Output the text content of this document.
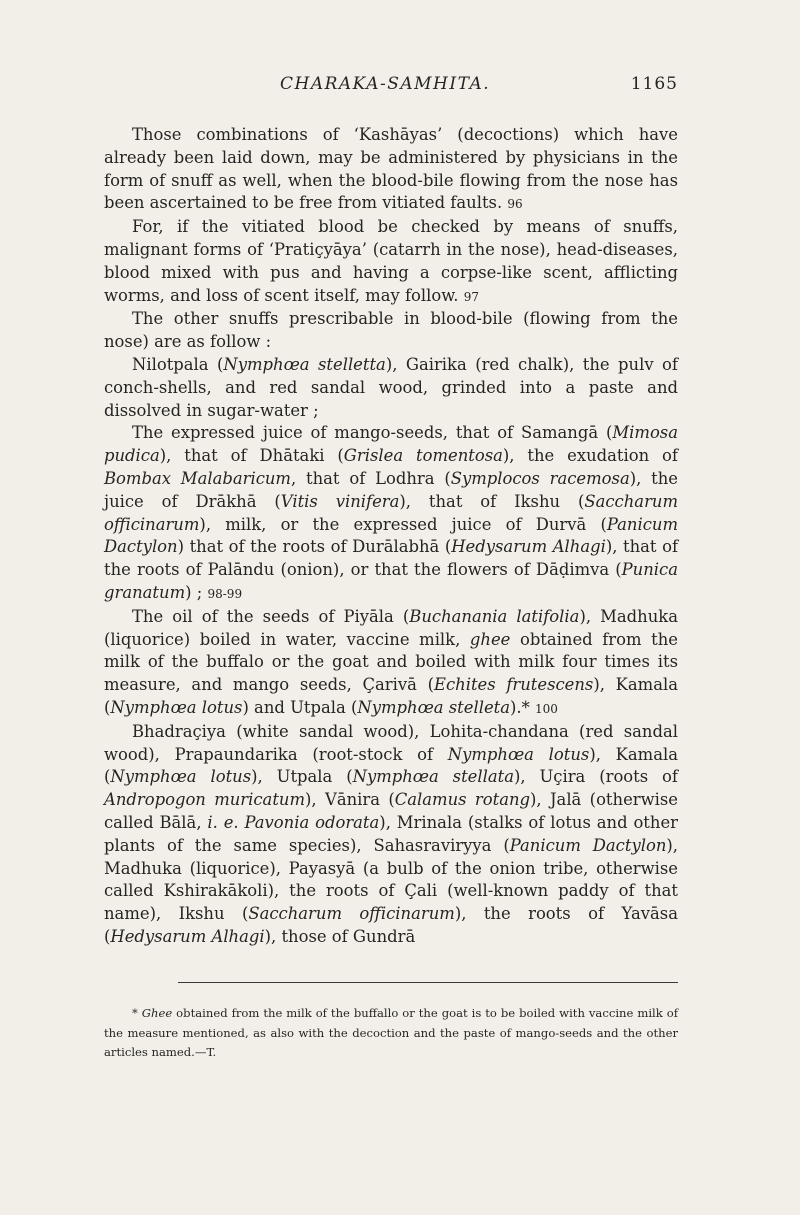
CHARAKA-SAMHITA.	1165

Those combinations of ‘Kashāyas’ (decoctions) which have already been laid down, may be administered by physicians in the form of snuff as well, when the blood-bile flowing from the nose has been ascertained to be free from vitiated faults. 96

For, if the vitiated blood be checked by means of snuffs, malignant forms of ‘Pratiçyāya’ (catarrh in the nose), head-diseases, blood mixed with pus and having a corpse-like scent, afflicting worms, and loss of scent itself, may follow. 97

The other snuffs prescribable in blood-bile (flowing from the nose) are as follow :

Nilotpala (Nymphœa stelletta), Gairika (red chalk), the pulv of conch-shells, and red sandal wood, grinded into a paste and dissolved in sugar-water ;

The expressed juice of mango-seeds, that of Samangā (Mimosa pudica), that of Dhātaki (Grislea tomentosa), the exudation of Bombax Malabaricum, that of Lodhra (Symplocos racemosa), the juice of Drākhā (Vitis vinifera), that of Ikshu (Saccharum officinarum), milk, or the expressed juice of Durvā (Panicum Dactylon) that of the roots of Durālabhā (Hedysarum Alhagi), that of the roots of Palāndu (onion), or that the flowers of Dāḍimva (Punica granatum) ; 98-99

The oil of the seeds of Piyāla (Buchanania latifolia), Madhuka (liquorice) boiled in water, vaccine milk, ghee obtained from the milk of the buffalo or the goat and boiled with milk four times its measure, and mango seeds, Çarivā (Echites frutescens), Kamala (Nymphœa lotus) and Utpala (Nymphœa stelleta).* 100

Bhadraçiya (white sandal wood), Lohita-chandana (red sandal wood), Prapaundarika (root-stock of Nymphœa lotus), Kamala (Nymphœa lotus), Utpala (Nymphœa stellata), Uçira (roots of Andropogon muricatum), Vānira (Calamus rotang), Jalā (otherwise called Bālā, i. e. Pavonia odorata), Mrinala (stalks of lotus and other plants of the same species), Sahasraviryya (Panicum Dactylon), Madhuka (liquorice), Payasyā (a bulb of the onion tribe, otherwise called Kshirakākoli), the roots of Çali (well-known paddy of that name), Ikshu (Saccharum officinarum), the roots of Yavāsa (Hedysarum Alhagi), those of Gundrā

* Ghee obtained from the milk of the buffallo or the goat is to be boiled with vaccine milk of the measure mentioned, as also with the decoction and the paste of mango-seeds and the other articles named.—T.
